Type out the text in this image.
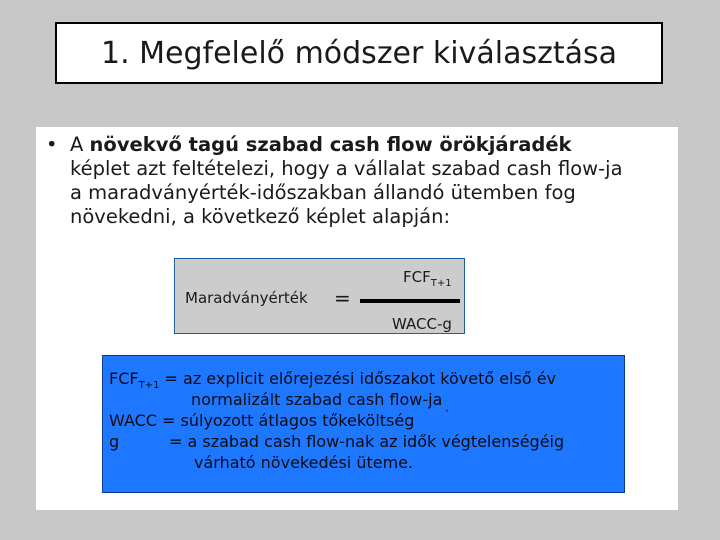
1. Megfelelő módszer kiválasztása
• A növekvő tagú szabad cash flow örökjáradék
képlet azt feltételezi, hogy a vállalat szabad cash flow-ja
a maradványérték-időszakban állandó ütemben fog
növekedni, a következő képlet alapján:
Maradványérték =
$FCF_{T+1}$
WACC-g
$FCF_{T+1}$ = az explicit előrejezési időszakot követő első év
normalizált szabad cash flow-ja $_,$
WACC = súlyozott átlagos tőkeköltség
g	= a szabad cash flow-nak az idők végtelenségéig
várható növekedési üteme.
